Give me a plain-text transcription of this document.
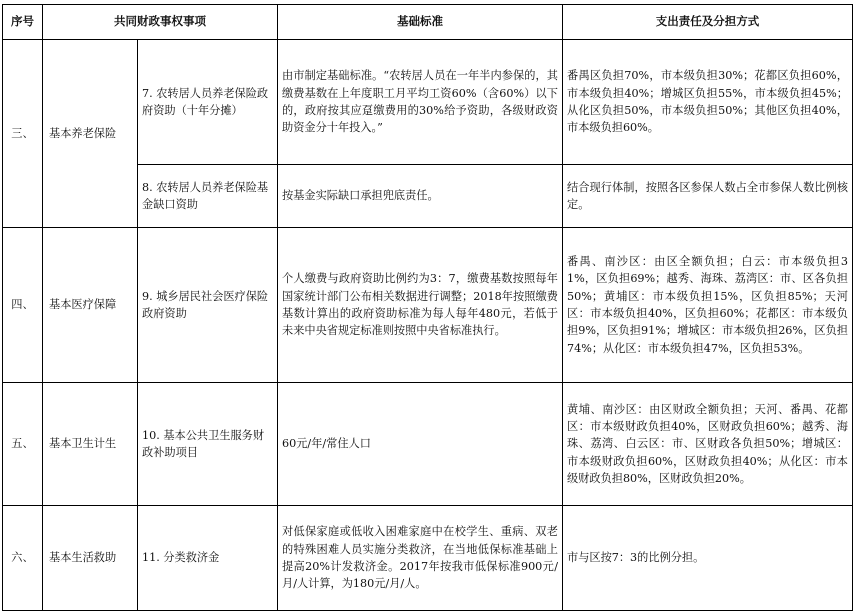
序号	共同财政事权事项		基础标准	支出责任及分担方式
三、	基本养老保险	7. 农转居人员养老保险政府资助（十年分摊）	由市制定基础标准。“农转居人员在一年半内参保的，其缴费基数在上年度职工月平均工资60%（含60%）以下的，政府按其应趸缴费用的30%给予资助，各级财政资助资金分十年投入。”	番禺区负担70%，市本级负担30%；花都区负担60%，市本级负担40%；增城区负担55%，市本级负担45%；从化区负担50%，市本级负担50%；其他区负担40%，市本级负担60%。
		8. 农转居人员养老保险基金缺口资助	按基金实际缺口承担兜底责任。	结合现行体制，按照各区参保人数占全市参保人数比例核定。
四、	基本医疗保障	9. 城乡居民社会医疗保险政府资助	个人缴费与政府资助比例约为3：7，缴费基数按照每年国家统计部门公布相关数据进行调整；2018年按照缴费基数计算出的政府资助标准为每人每年480元，若低于未来中央省规定标准则按照中央省标准执行。	番禺、南沙区：由区全额负担；白云：市本级负担31%，区负担69%；越秀、海珠、荔湾区：市、区各负担50%；黄埔区：市本级负担15%，区负担85%；天河区：市本级负担40%，区负担60%；花都区：市本级负担9%，区负担91%；增城区：市本级负担26%，区负担74%；从化区：市本级负担47%，区负担53%。
五、	基本卫生计生	10. 基本公共卫生服务财政补助项目	60元/年/常住人口	黄埔、南沙区：由区财政全额负担；天河、番禺、花都区：市本级财政负担40%，区财政负担60%；越秀、海珠、荔湾、白云区：市、区财政各负担50%；增城区：市本级财政负担60%，区财政负担40%；从化区：市本级财政负担80%，区财政负担20%。
六、	基本生活救助	11. 分类救济金	对低保家庭或低收入困难家庭中在校学生、重病、双老的特殊困难人员实施分类救济，在当地低保标准基础上提高20%计发救济金。2017年按我市低保标准900元/月/人计算，为180元/月/人。	市与区按7：3的比例分担。
